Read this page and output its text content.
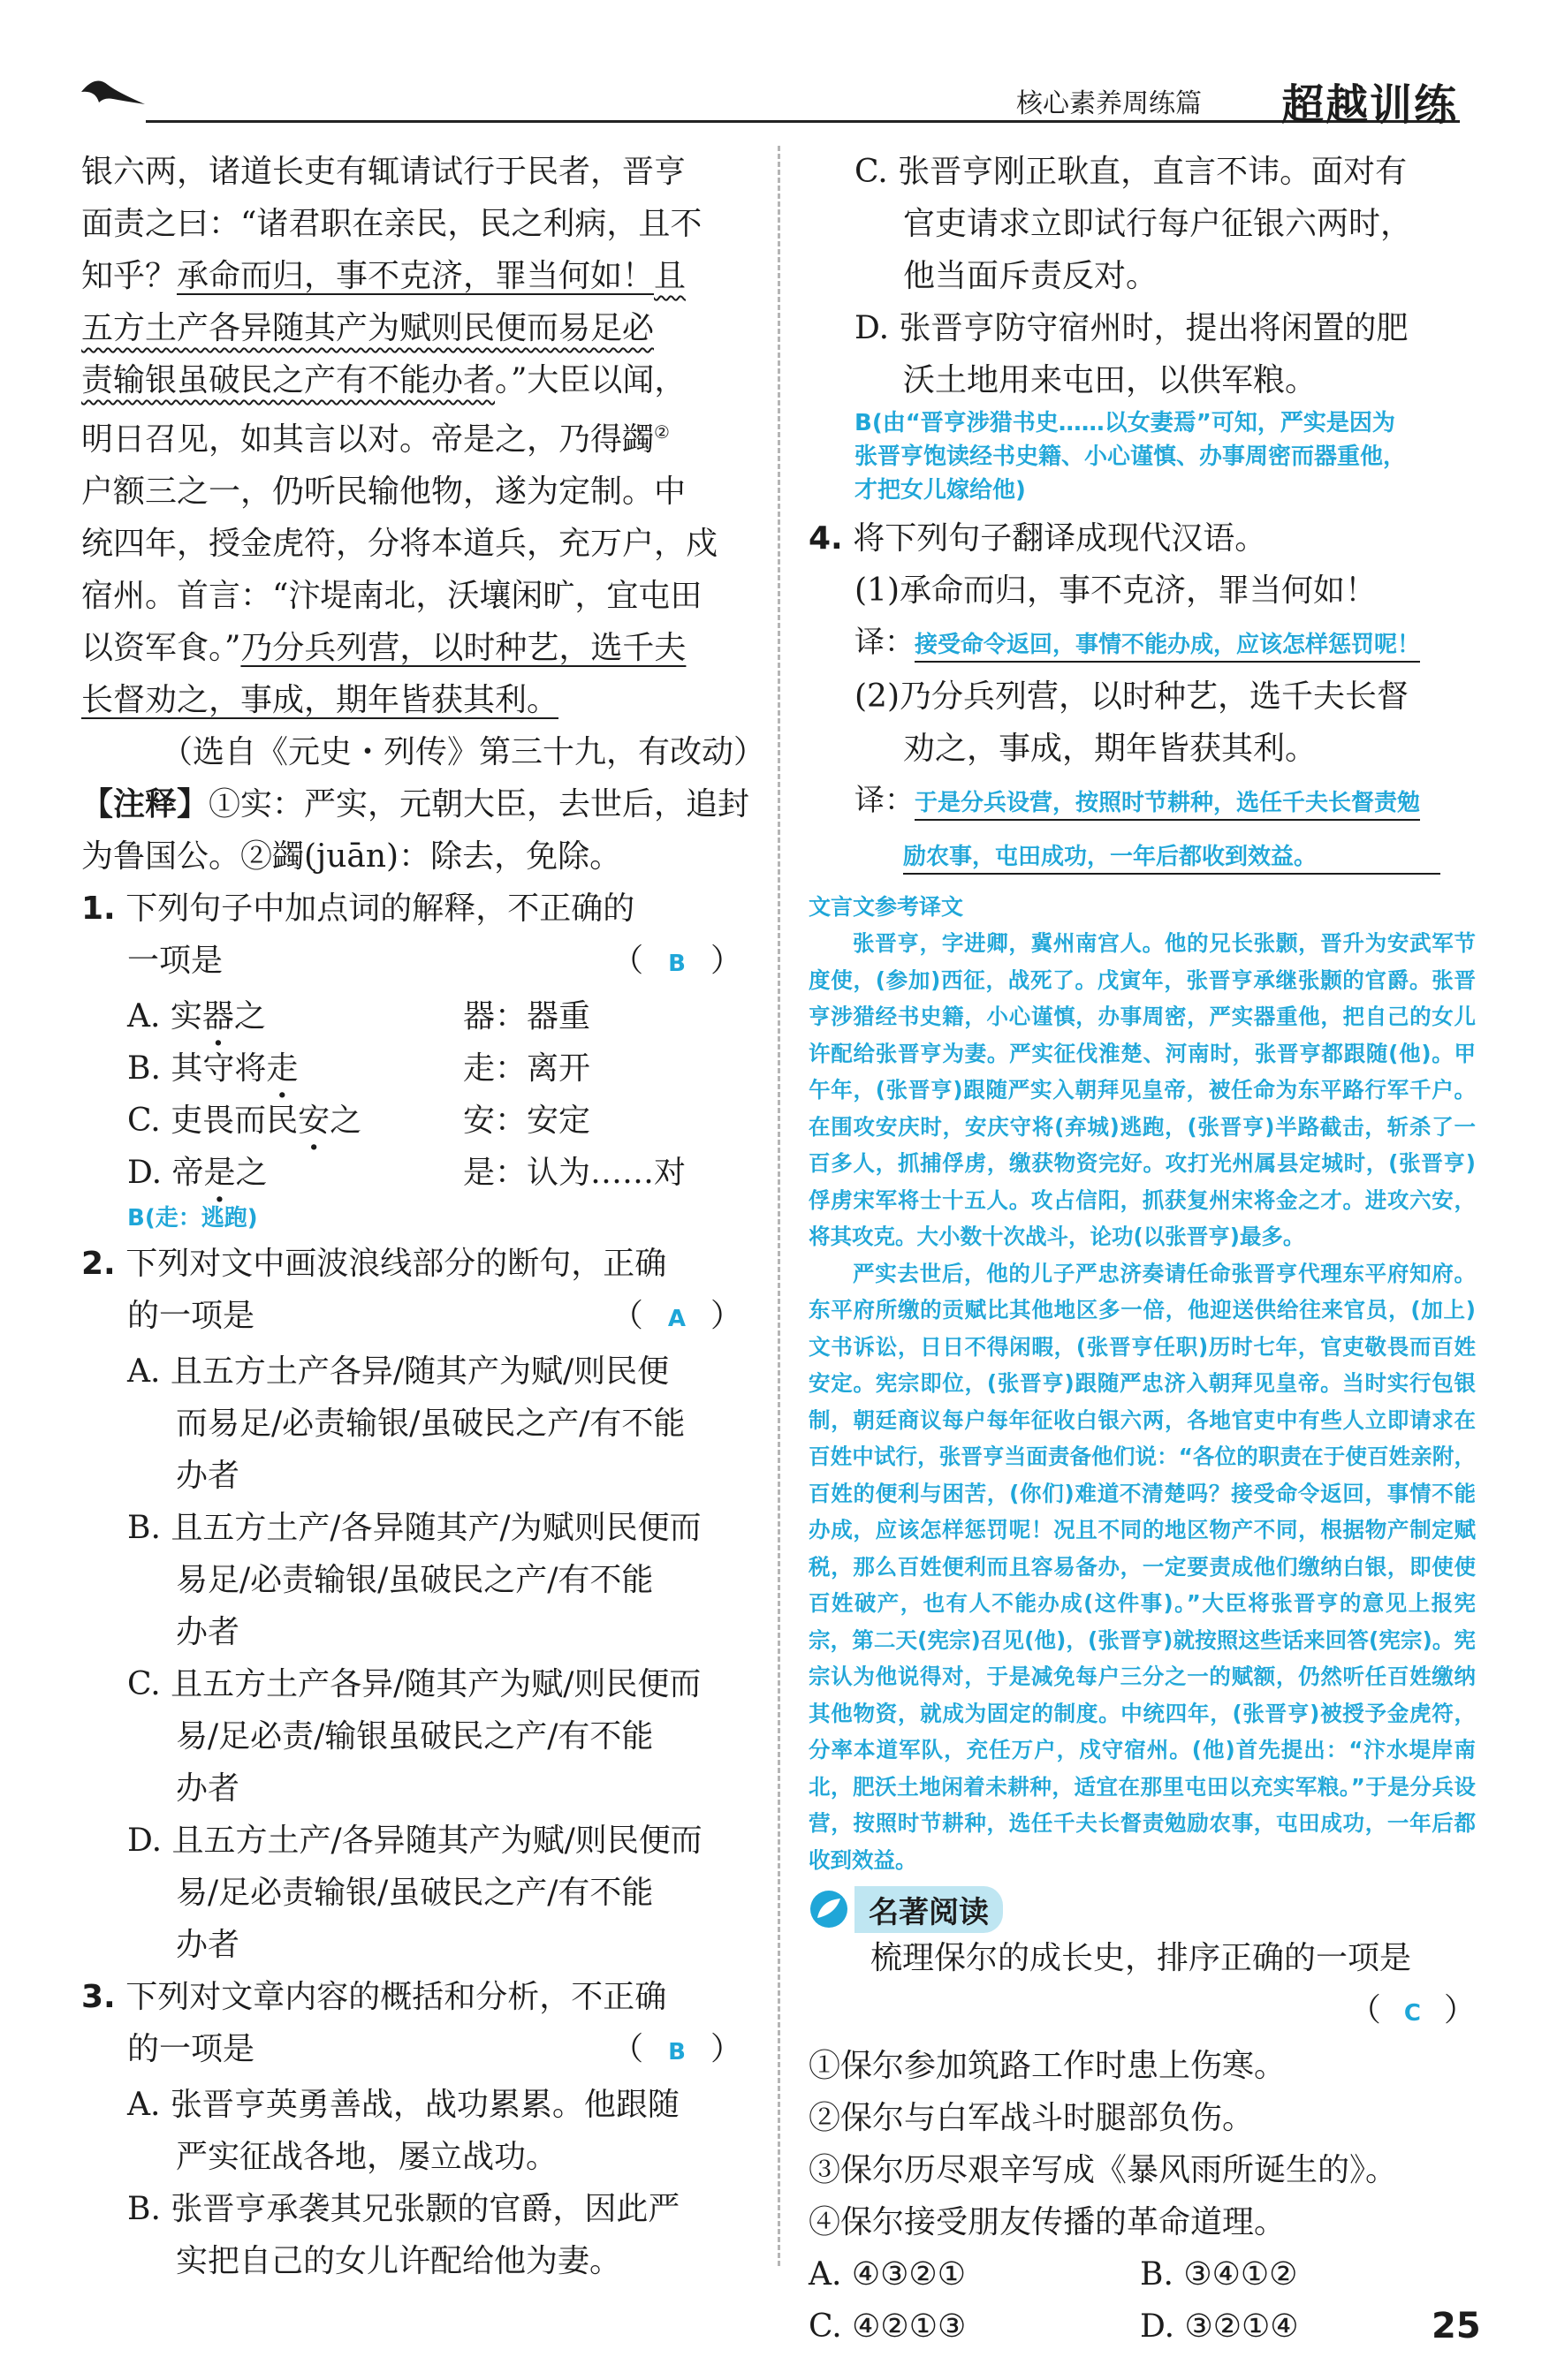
核心素养周练篇 超越训练
银六两，诸道长吏有辄请试行于民者，晋亨
面责之曰：“诸君职在亲民，民之利病，且不
知乎？承命而归，事不克济，罪当何如！且
五方土产各异随其产为赋则民便而易足必
责输银虽破民之产有不能办者。”大臣以闻，
明日召见，如其言以对。帝是之，乃得蠲②
户额三之一，仍听民输他物，遂为定制。中
统四年，授金虎符，分将本道兵，充万户，戍
宿州。首言：“汴堤南北，沃壤闲旷，宜屯田
以资军食。”乃分兵列营，以时种艺，选千夫
长督劝之，事成，期年皆获其利。
（选自《元史・列传》第三十九，有改动）
【注释】①实：严实，元朝大臣，去世后，追封
为鲁国公。②蠲(juān)：除去，免除。
1. 下列句子中加点词的解释，不正确的
一项是	（ B ）
A. 实器之	器：器重
B. 其守将走	走：离开
C. 吏畏而民安之	安：安定
D. 帝是之	是：认为……对
B(走：逃跑)
2. 下列对文中画波浪线部分的断句，正确
的一项是	（ A ）
A. 且五方土产各异/随其产为赋/则民便
而易足/必责输银/虽破民之产/有不能
办者
B. 且五方土产/各异随其产/为赋则民便而
易足/必责输银/虽破民之产/有不能
办者
C. 且五方土产各异/随其产为赋/则民便而
易/足必责/输银虽破民之产/有不能
办者
D. 且五方土产/各异随其产为赋/则民便而
易/足必责输银/虽破民之产/有不能
办者
3. 下列对文章内容的概括和分析，不正确
的一项是	（ B ）
A. 张晋亨英勇善战，战功累累。他跟随
严实征战各地，屡立战功。
B. 张晋亨承袭其兄张颢的官爵，因此严
实把自己的女儿许配给他为妻。
C. 张晋亨刚正耿直，直言不讳。面对有
官吏请求立即试行每户征银六两时，
他当面斥责反对。
D. 张晋亨防守宿州时，提出将闲置的肥
沃土地用来屯田，以供军粮。
B(由“晋亨涉猎书史……以女妻焉”可知，严实是因为
张晋亨饱读经书史籍、小心谨慎、办事周密而器重他，
才把女儿嫁给他)
4. 将下列句子翻译成现代汉语。
(1)承命而归，事不克济，罪当何如！
译：接受命令返回，事情不能办成，应该怎样惩罚呢！
(2)乃分兵列营，以时种艺，选千夫长督
劝之，事成，期年皆获其利。
译：于是分兵设营，按照时节耕种，选任千夫长督责勉
励农事，屯田成功，一年后都收到效益。
文言文参考译文

张晋亨，字进卿，冀州南宫人。他的兄长张颢，晋升为安武军节度使，(参加)西征，战死了。戊寅年，张晋亨承继张颢的官爵。张晋亨涉猎经书史籍，小心谨慎，办事周密，严实器重他，把自己的女儿许配给张晋亨为妻。严实征伐淮楚、河南时，张晋亨都跟随(他)。甲午年，(张晋亨)跟随严实入朝拜见皇帝，被任命为东平路行军千户。在围攻安庆时，安庆守将(弃城)逃跑，(张晋亨)半路截击，斩杀了一百多人，抓捕俘虏，缴获物资完好。攻打光州属县定城时，(张晋亨)俘虏宋军将士十五人。攻占信阳，抓获复州宋将金之才。进攻六安，将其攻克。大小数十次战斗，论功(以张晋亨)最多。

严实去世后，他的儿子严忠济奏请任命张晋亨代理东平府知府。东平府所缴的贡赋比其他地区多一倍，他迎送供给往来官员，(加上)文书诉讼，日日不得闲暇，(张晋亨任职)历时七年，官吏敬畏而百姓安定。宪宗即位，(张晋亨)跟随严忠济入朝拜见皇帝。当时实行包银制，朝廷商议每户每年征收白银六两，各地官吏中有些人立即请求在百姓中试行，张晋亨当面责备他们说：“各位的职责在于使百姓亲附，百姓的便利与困苦，(你们)难道不清楚吗？接受命令返回，事情不能办成，应该怎样惩罚呢！况且不同的地区物产不同，根据物产制定赋税，那么百姓便利而且容易备办，一定要责成他们缴纳白银，即使使百姓破产，也有人不能办成(这件事)。”大臣将张晋亨的意见上报宪宗，第二天(宪宗)召见(他)，(张晋亨)就按照这些话来回答(宪宗)。宪宗认为他说得对，于是减免每户三分之一的赋额，仍然听任百姓缴纳其他物资，就成为固定的制度。中统四年，(张晋亨)被授予金虎符，分率本道军队，充任万户，戍守宿州。(他)首先提出：“汴水堤岸南北，肥沃土地闲着未耕种，适宜在那里屯田以充实军粮。”于是分兵设营，按照时节耕种，选任千夫长督责勉励农事，屯田成功，一年后都收到效益。

名著阅读
梳理保尔的成长史，排序正确的一项是
（ C ）
①保尔参加筑路工作时患上伤寒。
②保尔与白军战斗时腿部负伤。
③保尔历尽艰辛写成《暴风雨所诞生的》。
④保尔接受朋友传播的革命道理。
A. ④③②①	B. ③④①②
C. ④②①③	D. ③②①④	25
